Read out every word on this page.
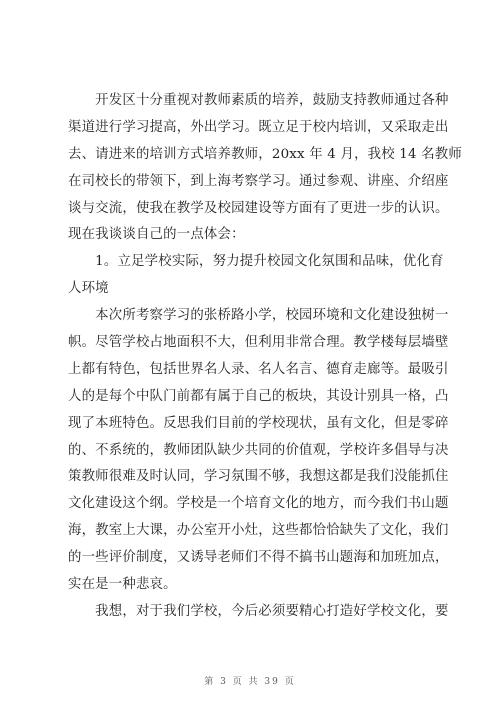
　　开发区十分重视对教师素质的培养，鼓励支持教师通过各种
渠道进行学习提高，外出学习。既立足于校内培训，又采取走出
去、请进来的培训方式培养教师，20xx 年 4 月，我校 14 名教师
在司校长的带领下，到上海考察学习。通过参观、讲座、介绍座
谈与交流，使我在教学及校园建设等方面有了更进一步的认识。
现在我谈谈自己的一点体会：
　　1。立足学校实际，努力提升校园文化氛围和品味，优化育
人环境
　　本次所考察学习的张桥路小学，校园环境和文化建设独树一
帜。尽管学校占地面积不大，但利用非常合理。教学楼每层墙壁
上都有特色，包括世界名人录、名人名言、德育走廊等。最吸引
人的是每个中队门前都有属于自己的板块，其设计别具一格，凸
现了本班特色。反思我们目前的学校现状，虽有文化，但是零碎
的、不系统的，教师团队缺少共同的价值观，学校许多倡导与决
策教师很难及时认同，学习氛围不够，我想这都是我们没能抓住
文化建设这个纲。学校是一个培育文化的地方，而今我们书山题
海，教室上大课，办公室开小灶，这些都恰恰缺失了文化，我们
的一些评价制度，又诱导老师们不得不搞书山题海和加班加点，
实在是一种悲哀。
　　我想，对于我们学校，今后必须要精心打造好学校文化，要
第 3 页 共 39 页
